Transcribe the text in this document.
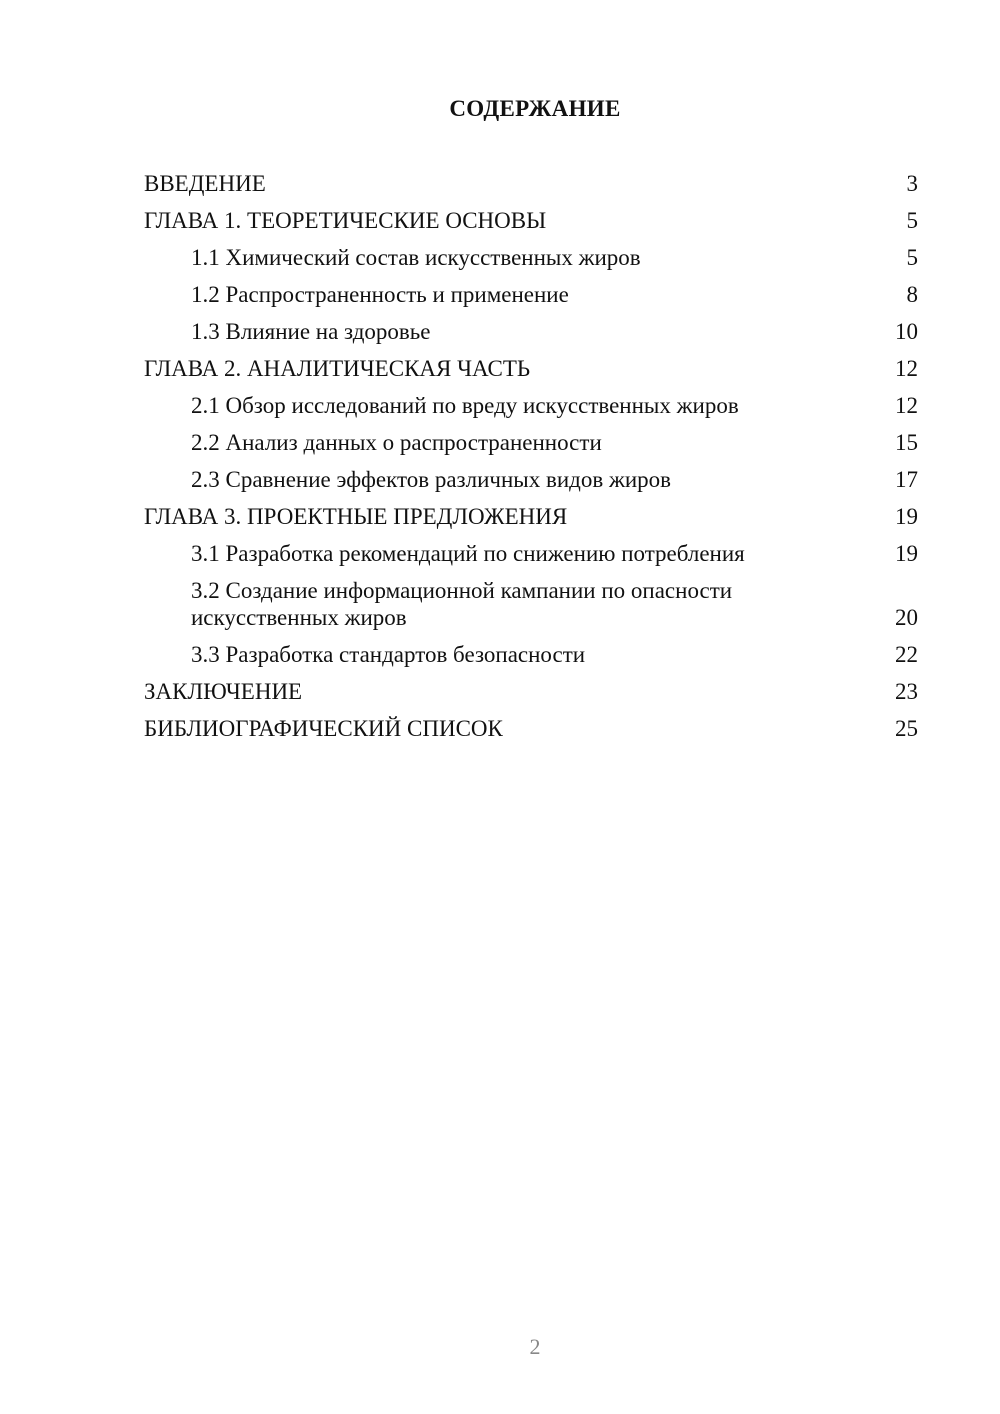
СОДЕРЖАНИЕ
ВВЕДЕНИЕ	3
ГЛАВА 1. ТЕОРЕТИЧЕСКИЕ ОСНОВЫ	5
1.1 Химический состав искусственных жиров	5
1.2 Распространенность и применение	8
1.3 Влияние на здоровье	10
ГЛАВА 2. АНАЛИТИЧЕСКАЯ ЧАСТЬ	12
2.1 Обзор исследований по вреду искусственных жиров	12
2.2 Анализ данных о распространенности	15
2.3 Сравнение эффектов различных видов жиров	17
ГЛАВА 3. ПРОЕКТНЫЕ ПРЕДЛОЖЕНИЯ	19
3.1 Разработка рекомендаций по снижению потребления	19
3.2 Создание информационной кампании по опасности искусственных жиров	20
3.3 Разработка стандартов безопасности	22
ЗАКЛЮЧЕНИЕ	23
БИБЛИОГРАФИЧЕСКИЙ СПИСОК	25
2
